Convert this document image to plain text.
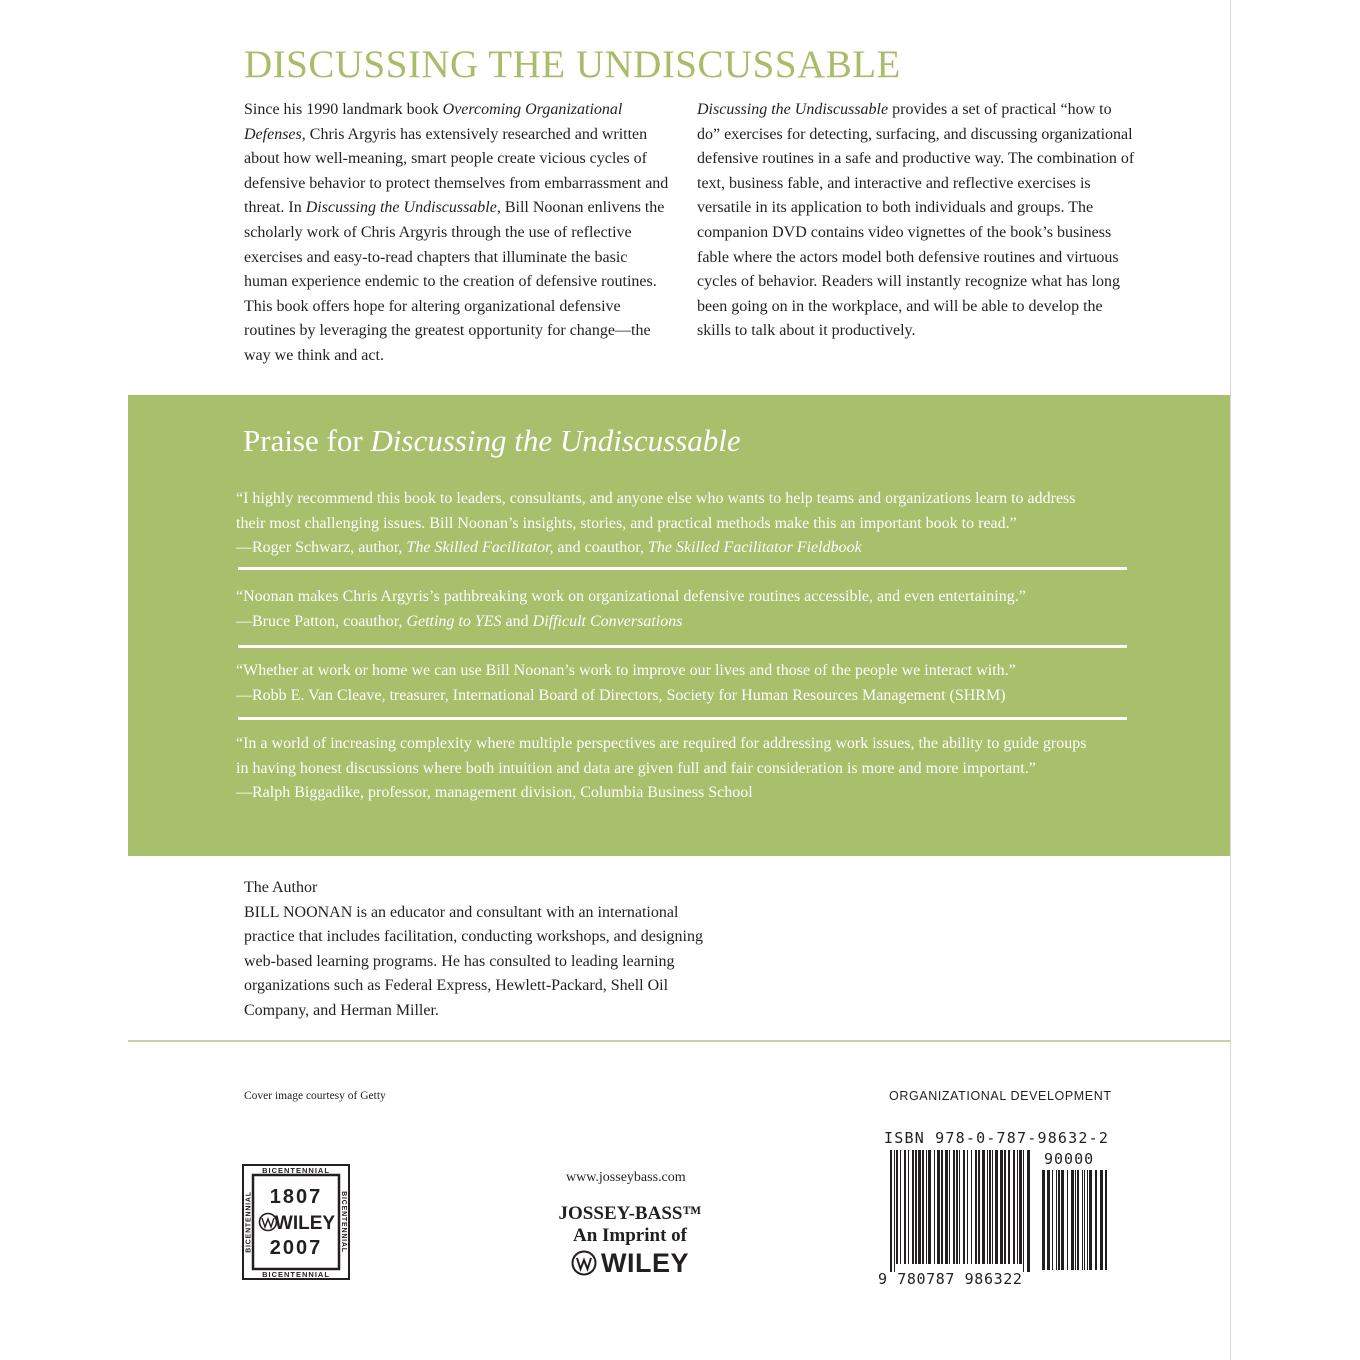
DISCUSSING THE UNDISCUSSABLE

Since his 1990 landmark book Overcoming Organizational Defenses, Chris Argyris has extensively researched and written about how well-meaning, smart people create vicious cycles of defensive behavior to protect themselves from embarrassment and threat. In Discussing the Undiscussable, Bill Noonan enlivens the scholarly work of Chris Argyris through the use of reflective exercises and easy-to-read chapters that illuminate the basic human experience endemic to the creation of defensive routines. This book offers hope for altering organizational defensive routines by leveraging the greatest opportunity for change—the way we think and act.

Discussing the Undiscussable provides a set of practical “how to do” exercises for detecting, surfacing, and discussing organizational defensive routines in a safe and productive way. The combination of text, business fable, and interactive and reflective exercises is versatile in its application to both individuals and groups. The companion DVD contains video vignettes of the book’s business fable where the actors model both defensive routines and virtuous cycles of behavior. Readers will instantly recognize what has long been going on in the workplace, and will be able to develop the skills to talk about it productively.

Praise for Discussing the Undiscussable

“I highly recommend this book to leaders, consultants, and anyone else who wants to help teams and organizations learn to address

their most challenging issues. Bill Noonan’s insights, stories, and practical methods make this an important book to read.”

—Roger Schwarz, author, The Skilled Facilitator, and coauthor, The Skilled Facilitator Fieldbook

“Noonan makes Chris Argyris’s pathbreaking work on organizational defensive routines accessible, and even entertaining.”

—Bruce Patton, coauthor, Getting to YES and Difficult Conversations

“Whether at work or home we can use Bill Noonan’s work to improve our lives and those of the people we interact with.”

—Robb E. Van Cleave, treasurer, International Board of Directors, Society for Human Resources Management (SHRM)

“In a world of increasing complexity where multiple perspectives are required for addressing work issues, the ability to guide groups

in having honest discussions where both intuition and data are given full and fair consideration is more and more important.”

—Ralph Biggadike, professor, management division, Columbia Business School

The Author

BILL NOONAN is an educator and consultant with an international practice that includes facilitation, conducting workshops, and designing web-based learning programs. He has consulted to leading learning organizations such as Federal Express, Hewlett-Packard, Shell Oil Company, and Herman Miller.

Cover image courtesy of Getty	ORGANIZATIONAL DEVELOPMENT
BICENTENNIAL
BICENTENNIAL
BICENTENNIAL	BICENTENNIAL
1807
WILEY
2007
www.josseybass.com
JOSSEY-BASS™
An Imprint of
WILEY
ISBN 978-0-787-98632-2
90000
9 780787 986322
